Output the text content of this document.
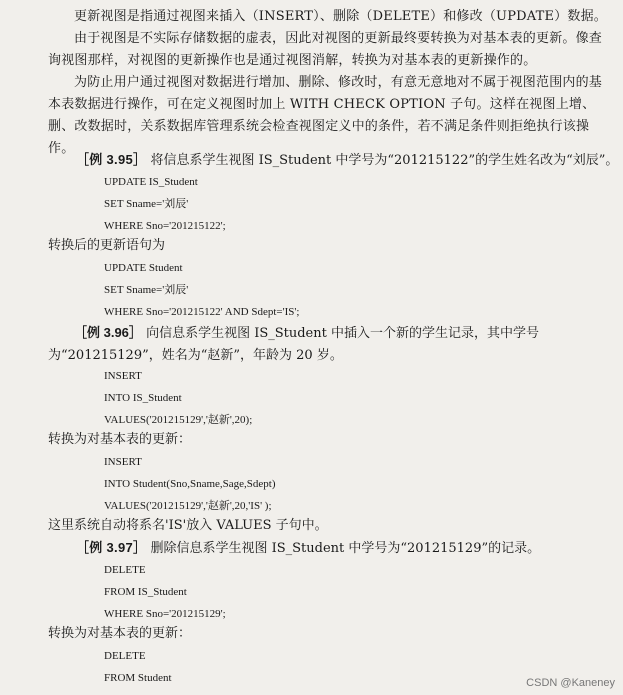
更新视图是指通过视图来插入（INSERT）、删除（DELETE）和修改（UPDATE）数据。

由于视图是不实际存储数据的虚表，因此对视图的更新最终要转换为对基本表的更新。像查询视图那样，对视图的更新操作也是通过视图消解，转换为对基本表的更新操作的。

为防止用户通过视图对数据进行增加、删除、修改时，有意无意地对不属于视图范围内的基本表数据进行操作，可在定义视图时加上 WITH CHECK OPTION 子句。这样在视图上增、删、改数据时，关系数据库管理系统会检查视图定义中的条件，若不满足条件则拒绝执行该操作。

［例 3.95］ 将信息系学生视图 IS_Student 中学号为“201215122”的学生姓名改为“刘辰”。
UPDATE IS_Student
SET Sname='刘辰'
WHERE Sno='201215122';
转换后的更新语句为
UPDATE Student
SET Sname='刘辰'
WHERE Sno='201215122' AND Sdept='IS';

［例 3.96］ 向信息系学生视图 IS_Student 中插入一个新的学生记录，其中学号为“201215129”，姓名为“赵新”，年龄为 20 岁。

INSERT
INTO IS_Student
VALUES('201215129','赵新',20);
转换为对基本表的更新：
INSERT
INTO Student(Sno,Sname,Sage,Sdept)
VALUES('201215129','赵新',20,'IS' );
这里系统自动将系名'IS'放入 VALUES 子句中。
［例 3.97］ 删除信息系学生视图 IS_Student 中学号为“201215129”的记录。
DELETE
FROM IS_Student
WHERE Sno='201215129';
转换为对基本表的更新：
DELETE
FROM Student	CSDN @Kaneney
